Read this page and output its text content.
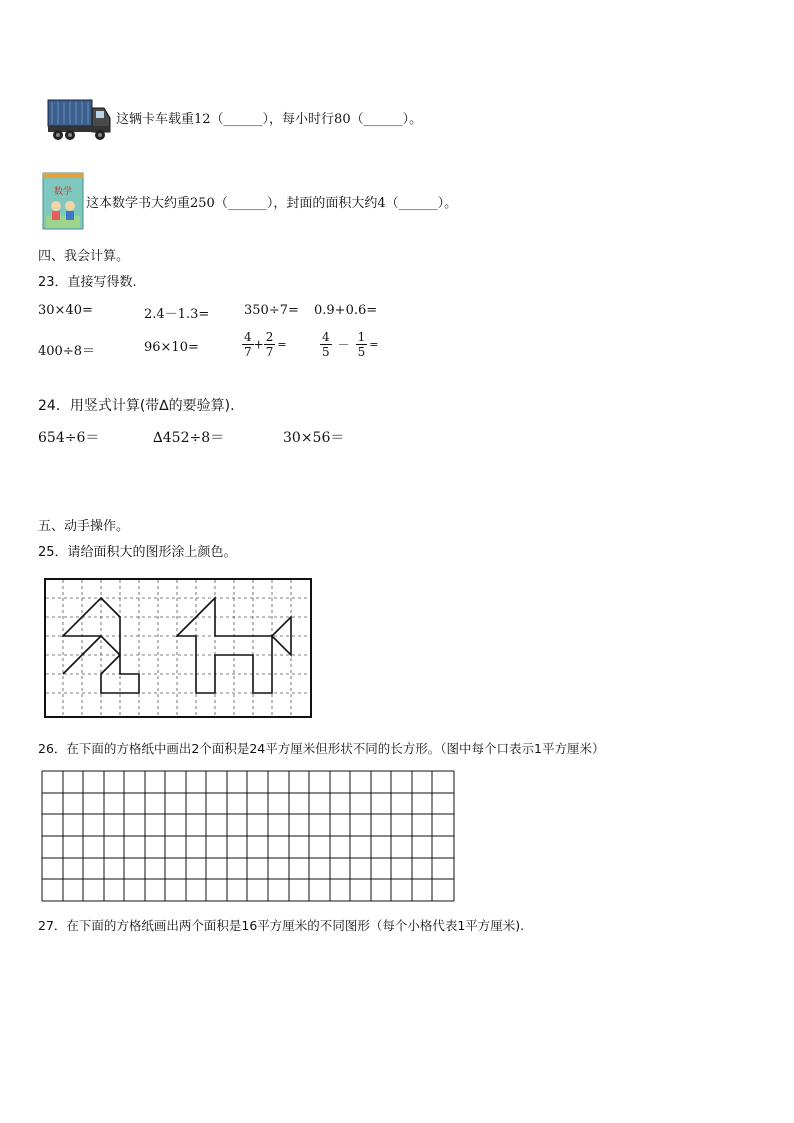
这辆卡车载重12（______），每小时行80（______）。
数学
这本数学书大约重250（______），封面的面积大约4（______）。
四、我会计算。
23．直接写得数.
30×40=	2.4－1.3=	350÷7= 0.9+0.6=
400÷8＝	96×10=	$\frac{4}{7} + \frac{2}{7}$ =	$\frac{4}{5} - \frac{1}{5}$ =
24．用竖式计算(带∆的要验算).
654÷6＝	∆452÷8＝	30×56＝
五、动手操作。
25．请给面积大的图形涂上颜色。
26．在下面的方格纸中画出2个面积是24平方厘米但形状不同的长方形。（图中每个口表示1平方厘米）
27．在下面的方格纸画出两个面积是16平方厘米的不同图形（每个小格代表1平方厘米).
